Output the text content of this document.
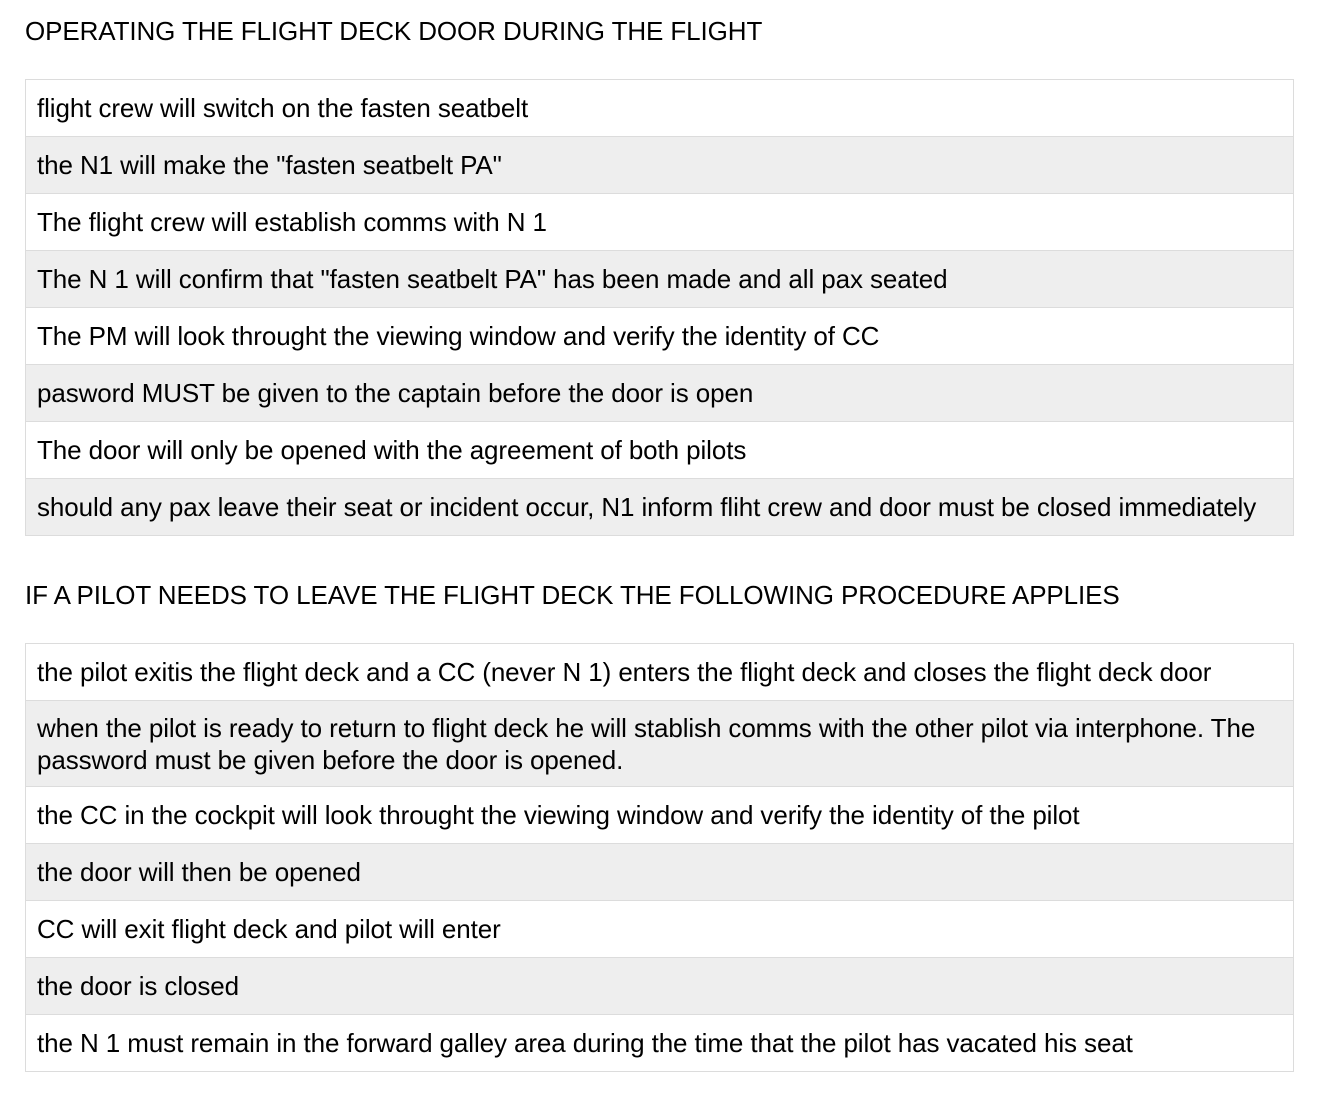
OPERATING THE FLIGHT DECK DOOR DURING THE FLIGHT
flight crew will switch on the fasten seatbelt
the N1 will make the "fasten seatbelt PA"
The flight crew will establish comms with N 1
The N 1 will confirm that "fasten seatbelt PA" has been made and all pax seated
The PM will look throught the viewing window and verify the identity of CC
pasword MUST be given to the captain before the door is open
The door will only be opened with the agreement of both pilots
should any pax leave their seat or incident occur, N1 inform fliht crew and door must be closed immediately
IF A PILOT NEEDS TO LEAVE THE FLIGHT DECK THE FOLLOWING PROCEDURE APPLIES
the pilot exitis the flight deck and a CC (never N 1) enters the flight deck and closes the flight deck door
when the pilot is ready to return to flight deck he will stablish comms with the other pilot via interphone. The password must be given before the door is opened.
the CC in the cockpit will look throught the viewing window and verify the identity of the pilot
the door will then be opened
CC will exit flight deck and pilot will enter
the door is closed
the N 1 must remain in the forward galley area during the time that the pilot has vacated his seat
